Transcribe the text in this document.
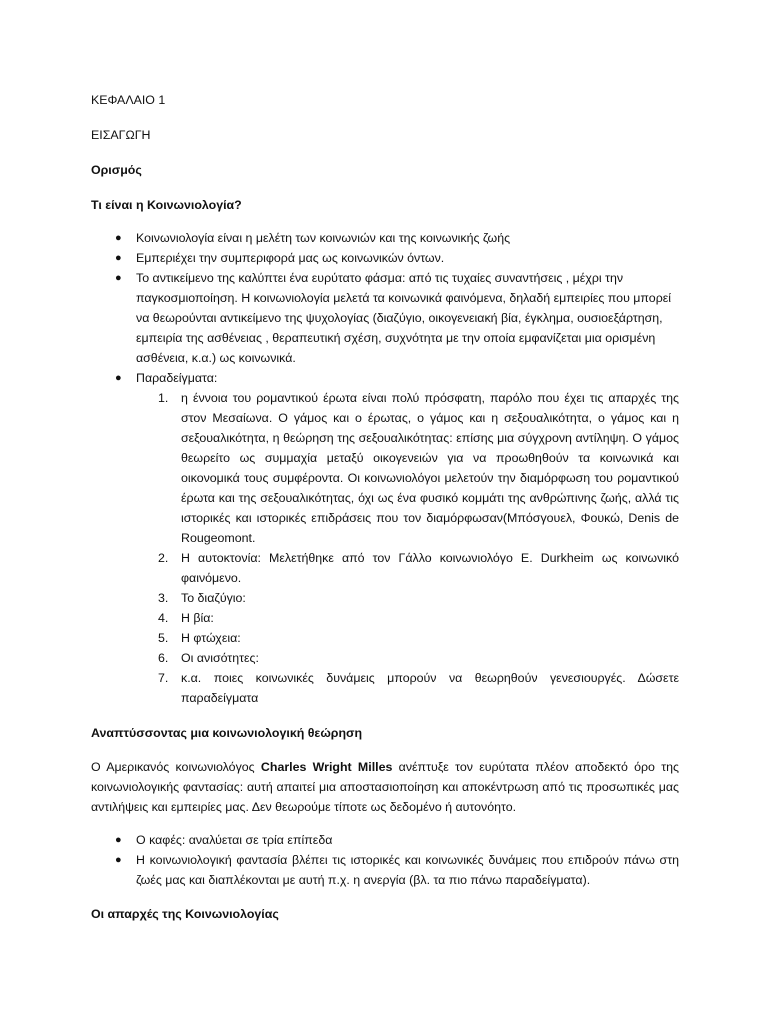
ΚΕΦΑΛΑΙΟ 1

ΕΙΣΑΓΩΓΗ

Ορισμός

Τι είναι η Κοινωνιολογία?

● Κοινωνιολογία είναι η μελέτη των κοινωνιών και της κοινωνικής ζωής
● Εμπεριέχει την συμπεριφορά μας ως κοινωνικών όντων.
● Το αντικείμενο της καλύπτει ένα ευρύτατο φάσμα: από τις τυχαίες συναντήσεις , μέχρι την παγκοσμιοποίηση. Η κοινωνιολογία μελετά τα κοινωνικά φαινόμενα, δηλαδή εμπειρίες που μπορεί να θεωρούνται αντικείμενο της ψυχολογίας (διαζύγιο, οικογενειακή βία, έγκλημα, ουσιοεξάρτηση, εμπειρία της ασθένειας , θεραπευτική σχέση, συχνότητα με την οποία εμφανίζεται μια ορισμένη ασθένεια, κ.α.) ως κοινωνικά.
● Παραδείγματα:
1. η έννοια του ρομαντικού έρωτα είναι πολύ πρόσφατη, παρόλο που έχει τις απαρχές της στον Μεσαίωνα. Ο γάμος και ο έρωτας, ο γάμος και η σεξουαλικότητα, ο γάμος και η σεξουαλικότητα, η θεώρηση της σεξουαλικότητας: επίσης μια σύγχρονη αντίληψη. Ο γάμος θεωρείτο ως συμμαχία μεταξύ οικογενειών για να προωθηθούν τα κοινωνικά και οικονομικά τους συμφέροντα. Οι κοινωνιολόγοι μελετούν την διαμόρφωση του ρομαντικού έρωτα και της σεξουαλικότητας, όχι ως ένα φυσικό κομμάτι της ανθρώπινης ζωής, αλλά τις ιστορικές και ιστορικές επιδράσεις που τον διαμόρφωσαν(Μπόσγουελ, Φουκώ, Denis de Rougeomont.
2. Η αυτοκτονία: Μελετήθηκε από τον Γάλλο κοινωνιολόγο E. Durkheim ως κοινωνικό φαινόμενο.
3. Το διαζύγιο:
4. Η βία:
5. Η φτώχεια:
6. Οι ανισότητες:
7. κ.α. ποιες κοινωνικές δυνάμεις μπορούν να θεωρηθούν γενεσιουργές. Δώσετε παραδείγματα

Αναπτύσσοντας μια κοινωνιολογική θεώρηση

Ο Αμερικανός κοινωνιολόγος Charles Wright Milles ανέπτυξε τον ευρύτατα πλέον αποδεκτό όρο της κοινωνιολογικής φαντασίας: αυτή απαιτεί μια αποστασιοποίηση και αποκέντρωση από τις προσωπικές μας αντιλήψεις και εμπειρίες μας. Δεν θεωρούμε τίποτε ως δεδομένο ή αυτονόητο.

● Ο καφές: αναλύεται σε τρία επίπεδα
● Η κοινωνιολογική φαντασία βλέπει τις ιστορικές και κοινωνικές δυνάμεις που επιδρούν πάνω στη ζωές μας και διαπλέκονται με αυτή π.χ. η ανεργία (βλ. τα πιο πάνω παραδείγματα).

Οι απαρχές της Κοινωνιολογίας
